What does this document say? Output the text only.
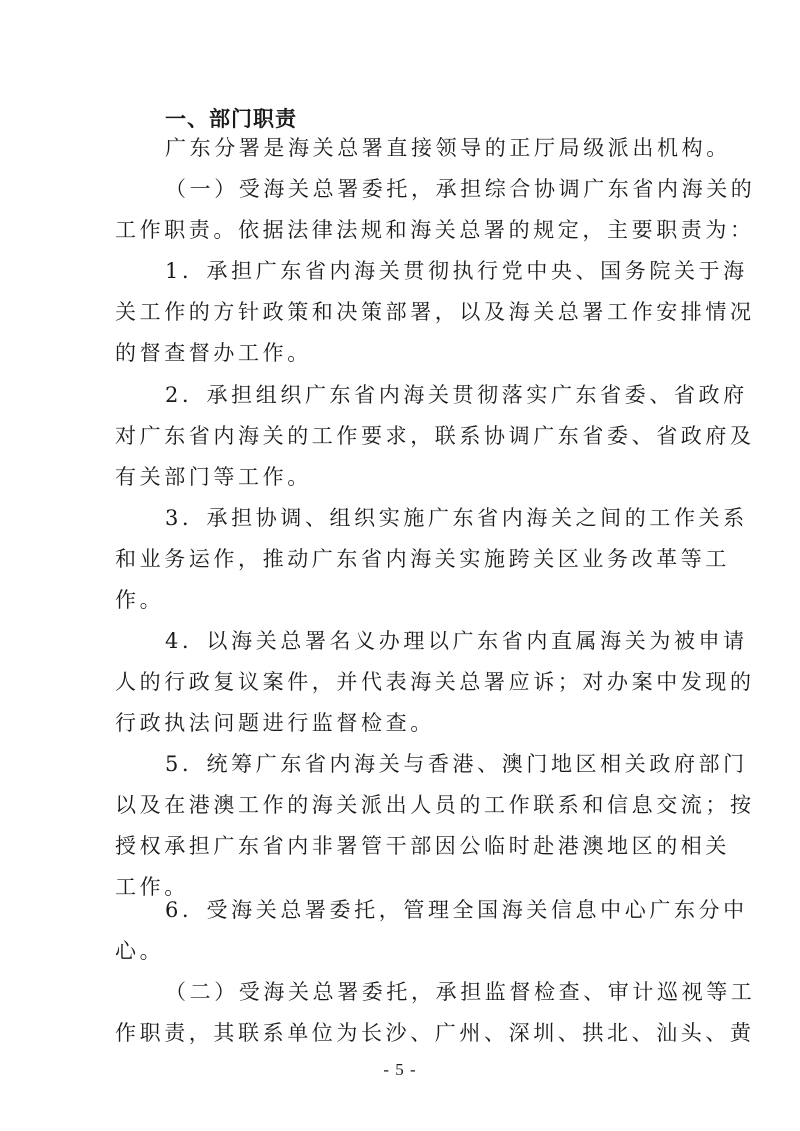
一、部门职责
广东分署是海关总署直接领导的正厅局级派出机构。
（一）受海关总署委托，承担综合协调广东省内海关的
工作职责。依据法律法规和海关总署的规定，主要职责为：
1．承担广东省内海关贯彻执行党中央、国务院关于海
关工作的方针政策和决策部署，以及海关总署工作安排情况
的督查督办工作。
2．承担组织广东省内海关贯彻落实广东省委、省政府
对广东省内海关的工作要求，联系协调广东省委、省政府及
有关部门等工作。
3．承担协调、组织实施广东省内海关之间的工作关系
和业务运作，推动广东省内海关实施跨关区业务改革等工
作。
4．以海关总署名义办理以广东省内直属海关为被申请
人的行政复议案件，并代表海关总署应诉；对办案中发现的
行政执法问题进行监督检查。
5．统筹广东省内海关与香港、澳门地区相关政府部门
以及在港澳工作的海关派出人员的工作联系和信息交流；按
授权承担广东省内非署管干部因公临时赴港澳地区的相关
工作。
6．受海关总署委托，管理全国海关信息中心广东分中
心。
（二）受海关总署委托，承担监督检查、审计巡视等工
作职责，其联系单位为长沙、广州、深圳、拱北、汕头、黄
- 5 -
